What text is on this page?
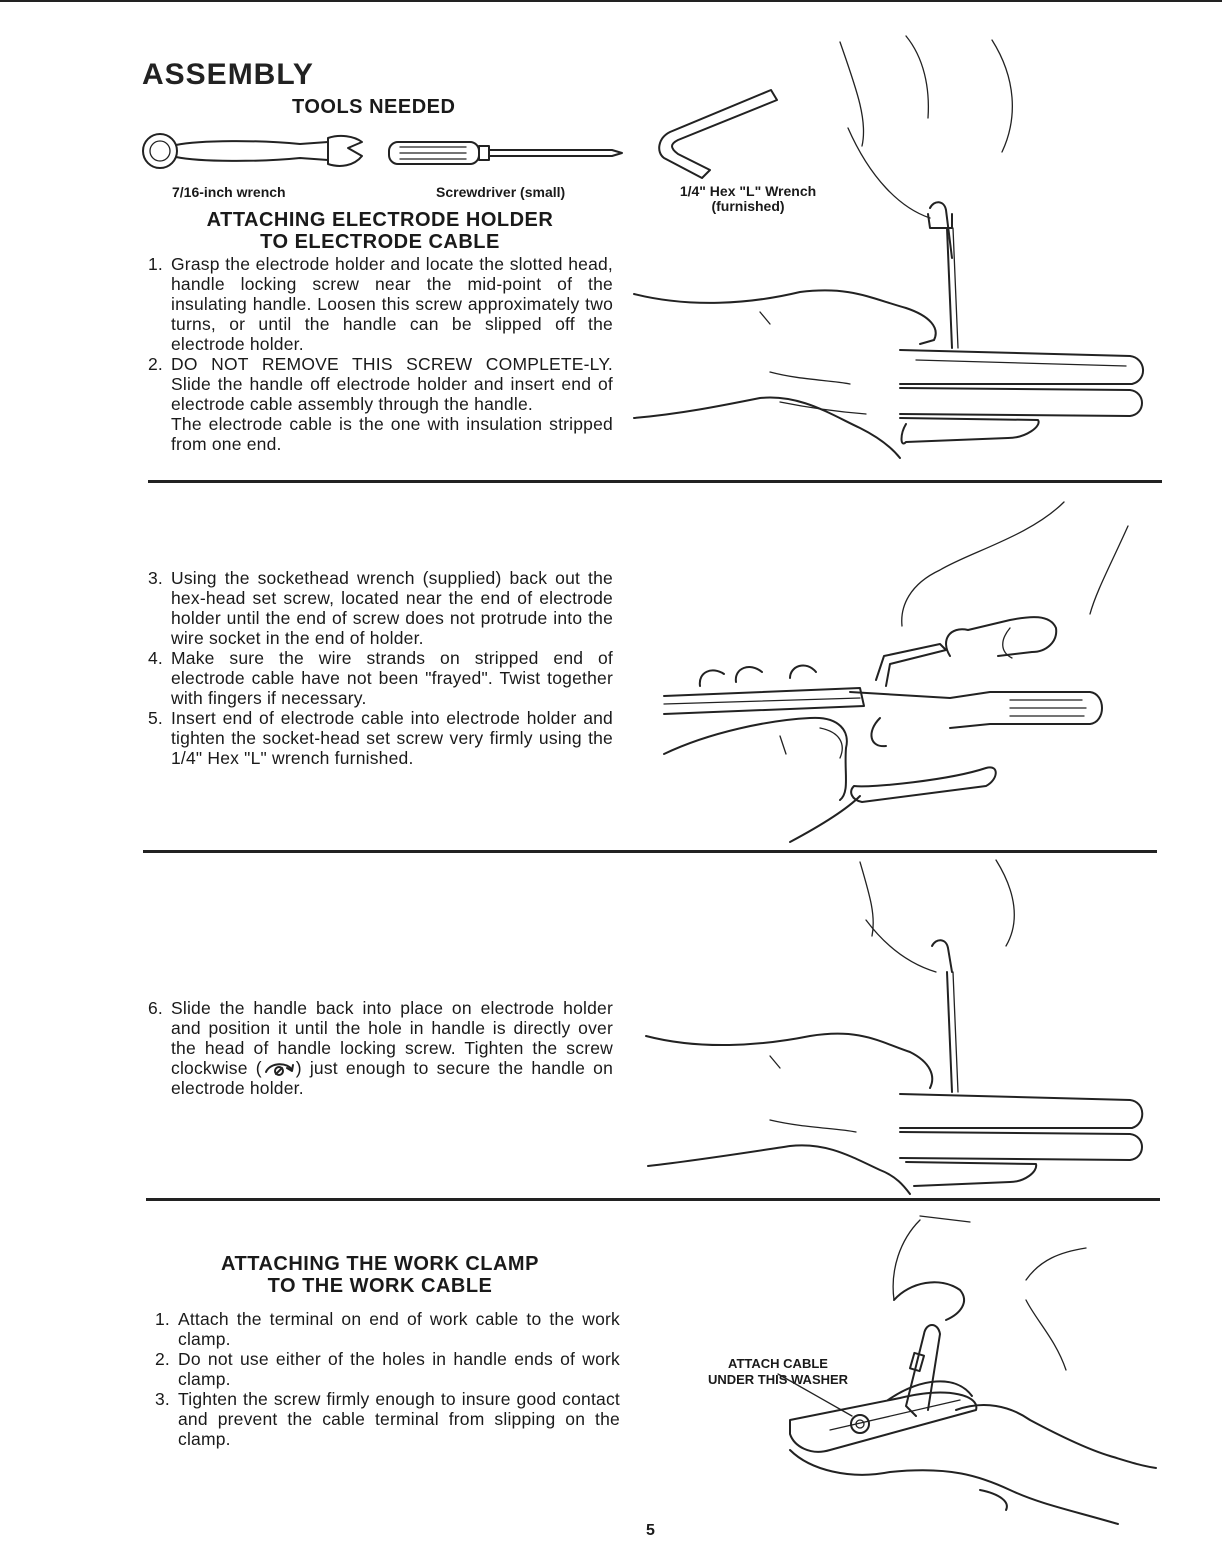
ASSEMBLY
TOOLS NEEDED
7/16-inch wrench	Screwdriver (small)	1/4" Hex "L" Wrench
(furnished)
ATTACHING ELECTRODE HOLDER
TO ELECTRODE CABLE
1. Grasp the electrode holder and locate the slotted head, handle locking screw near the mid-point of the insulating handle. Loosen this screw approximately two turns, or until the handle can be slipped off the electrode holder.
2. DO NOT REMOVE THIS SCREW COMPLETE-LY. Slide the handle off electrode holder and insert end of electrode cable assembly through the handle.
The electrode cable is the one with insulation stripped from one end.
3. Using the sockethead wrench (supplied) back out the hex-head set screw, located near the end of electrode holder until the end of screw does not protrude into the wire socket in the end of holder.
4. Make sure the wire strands on stripped end of electrode cable have not been "frayed". Twist together with fingers if necessary.
5. Insert end of electrode cable into electrode holder and tighten the socket-head set screw very firmly using the 1/4" Hex "L" wrench furnished.
6. Slide the handle back into place on electrode holder and position it until the hole in handle is directly over the head of handle locking screw. Tighten the screw clockwise ( ) just enough to secure the handle on electrode holder.
ATTACHING THE WORK CLAMP
TO THE WORK CABLE
1. Attach the terminal on end of work cable to the work clamp.
2. Do not use either of the holes in handle ends of work clamp.
3. Tighten the screw firmly enough to insure good contact and prevent the cable terminal from slipping on the clamp.
ATTACH CABLE
UNDER THIS WASHER
5
